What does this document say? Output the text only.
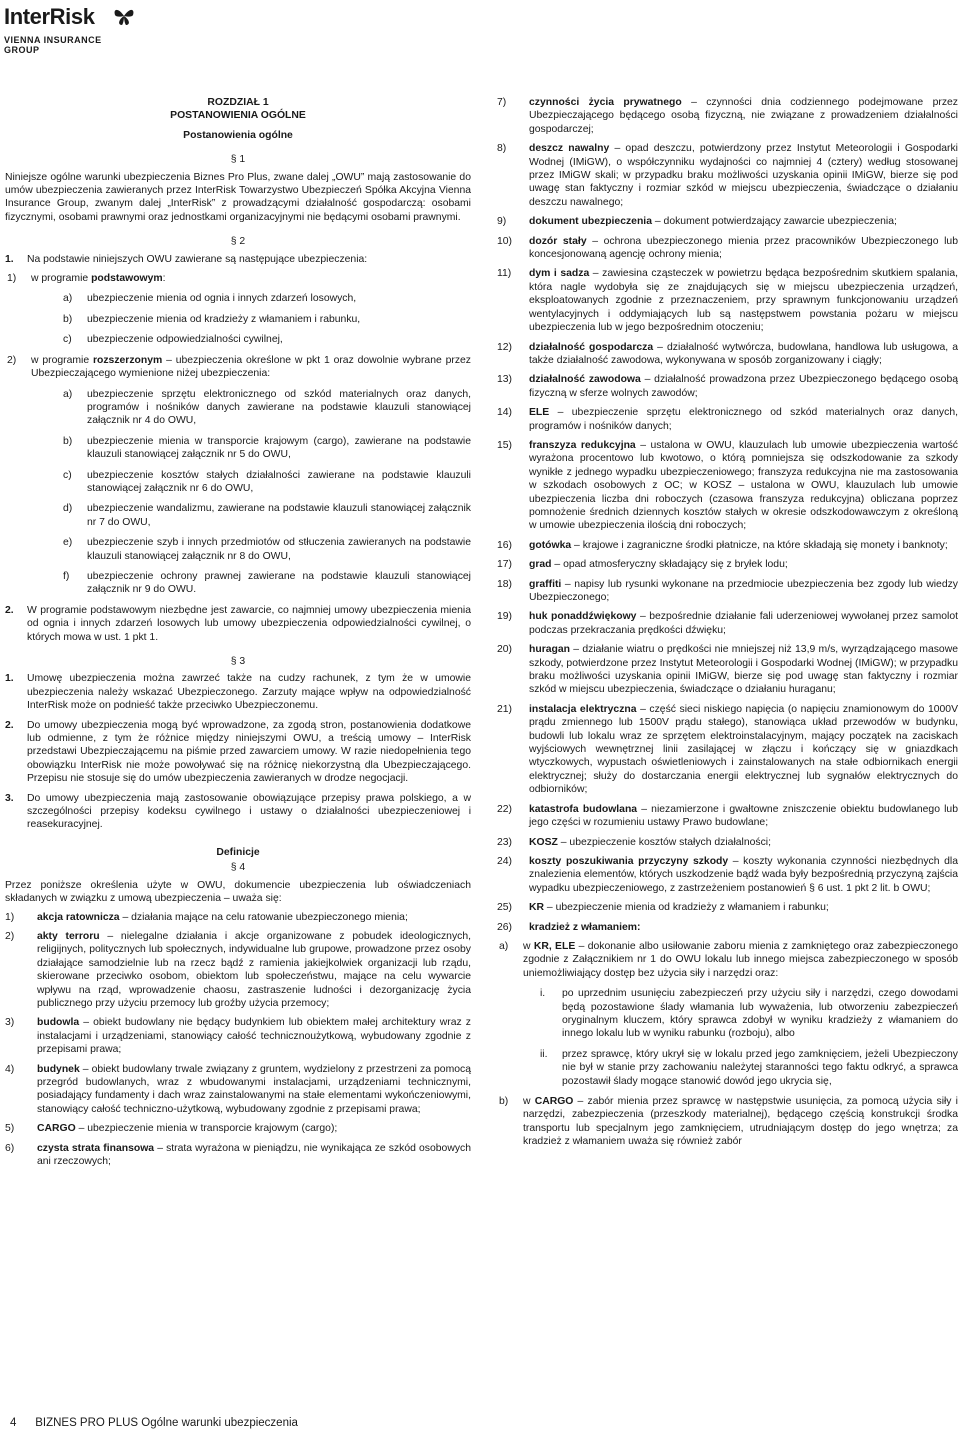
InterRisk
VIENNA INSURANCE GROUP
ROZDZIAŁ 1
POSTANOWIENIA OGÓLNE
Postanowienia ogólne
§ 1

Niniejsze ogólne warunki ubezpieczenia Biznes Pro Plus, zwane dalej „OWU” mają zastosowanie do umów ubezpieczenia zawieranych przez InterRisk Towarzystwo Ubezpieczeń Spółka Akcyjna Vienna Insurance Group, zwanym dalej „InterRisk” z prowadzącymi działalność gospodarczą: osobami fizycznymi, osobami prawnymi oraz jednostkami organizacyjnymi nie będącymi osobami prawnymi.

§ 2
1. Na podstawie niniejszych OWU zawierane są następujące ubezpieczenia:
1) w programie podstawowym:
a) ubezpieczenie mienia od ognia i innych zdarzeń losowych,
b) ubezpieczenie mienia od kradzieży z włamaniem i rabunku,
c) ubezpieczenie odpowiedzialności cywilnej,
2) w programie rozszerzonym – ubezpieczenia określone w pkt 1 oraz dowolnie wybrane przez Ubezpieczającego wymienione niżej ubezpieczenia:
a) ubezpieczenie sprzętu elektronicznego od szkód materialnych oraz danych, programów i nośników danych zawierane na podstawie klauzuli stanowiącej załącznik nr 4 do OWU,
b) ubezpieczenie mienia w transporcie krajowym (cargo), zawierane na podstawie klauzuli stanowiącej załącznik nr 5 do OWU,
c) ubezpieczenie kosztów stałych działalności zawierane na podstawie klauzuli stanowiącej załącznik nr 6 do OWU,
d) ubezpieczenie wandalizmu, zawierane na podstawie klauzuli stanowiącej załącznik nr 7 do OWU,
e) ubezpieczenie szyb i innych przedmiotów od stłuczenia zawieranych na podstawie klauzuli stanowiącej załącznik nr 8 do OWU,
f) ubezpieczenie ochrony prawnej zawierane na podstawie klauzuli stanowiącej załącznik nr 9 do OWU.
2. W programie podstawowym niezbędne jest zawarcie, co najmniej umowy ubezpieczenia mienia od ognia i innych zdarzeń losowych lub umowy ubezpieczenia odpowiedzialności cywilnej, o których mowa w ust. 1 pkt 1.
§ 3
1. Umowę ubezpieczenia można zawrzeć także na cudzy rachunek, z tym że w umowie ubezpieczenia należy wskazać Ubezpieczonego. Zarzuty mające wpływ na odpowiedzialność InterRisk może on podnieść także przeciwko Ubezpieczonemu.
2. Do umowy ubezpieczenia mogą być wprowadzone, za zgodą stron, postanowienia dodatkowe lub odmienne, z tym że różnice między niniejszymi OWU, a treścią umowy – InterRisk przedstawi Ubezpieczającemu na piśmie przed zawarciem umowy. W razie niedopełnienia tego obowiązku InterRisk nie może powoływać się na różnicę niekorzystną dla Ubezpieczającego. Przepisu nie stosuje się do umów ubezpieczenia zawieranych w drodze negocjacji.
3. Do umowy ubezpieczenia mają zastosowanie obowiązujące przepisy prawa polskiego, a w szczególności przepisy kodeksu cywilnego i ustawy o działalności ubezpieczeniowej i reasekuracyjnej.
Definicje
§ 4

Przez poniższe określenia użyte w OWU, dokumencie ubezpieczenia lub oświadczeniach składanych w związku z umową ubezpieczenia – uważa się:

1) akcja ratownicza – działania mające na celu ratowanie ubezpieczonego mienia;
2) akty terroru – nielegalne działania i akcje organizowane z pobudek ideologicznych, religijnych, politycznych lub społecznych, indywidualne lub grupowe, prowadzone przez osoby działające samodzielnie lub na rzecz bądź z ramienia jakiejkolwiek organizacji lub rządu, skierowane przeciwko osobom, obiektom lub społeczeństwu, mające na celu wywarcie wpływu na rząd, wprowadzenie chaosu, zastraszenie ludności i dezorganizację życia publicznego przy użyciu przemocy lub groźby użycia przemocy;
3) budowla – obiekt budowlany nie będący budynkiem lub obiektem małej architektury wraz z instalacjami i urządzeniami, stanowiący całość technicznoużytkową, wybudowany zgodnie z przepisami prawa;
4) budynek – obiekt budowlany trwale związany z gruntem, wydzielony z przestrzeni za pomocą przegród budowlanych, wraz z wbudowanymi instalacjami, urządzeniami technicznymi, posiadający fundamenty i dach wraz zainstalowanymi na stałe elementami wykończeniowymi, stanowiący całość techniczno-użytkową, wybudowany zgodnie z przepisami prawa;
5) CARGO – ubezpieczenie mienia w transporcie krajowym (cargo);
6) czysta strata finansowa – strata wyrażona w pieniądzu, nie wynikająca ze szkód osobowych ani rzeczowych;
7) czynności życia prywatnego – czynności dnia codziennego podejmowane przez Ubezpieczającego będącego osobą fizyczną, nie związane z prowadzeniem działalności gospodarczej;
8) deszcz nawalny – opad deszczu, potwierdzony przez Instytut Meteorologii i Gospodarki Wodnej (IMiGW), o współczynniku wydajności co najmniej 4 (cztery) według stosowanej przez IMiGW skali; w przypadku braku możliwości uzyskania opinii IMiGW, bierze się pod uwagę stan faktyczny i rozmiar szkód w miejscu ubezpieczenia, świadczące o działaniu deszczu nawalnego;
9) dokument ubezpieczenia – dokument potwierdzający zawarcie ubezpieczenia;
10) dozór stały – ochrona ubezpieczonego mienia przez pracowników Ubezpieczonego lub koncesjonowaną agencję ochrony mienia;
11) dym i sadza – zawiesina cząsteczek w powietrzu będąca bezpośrednim skutkiem spalania, która nagle wydobyła się ze znajdujących się w miejscu ubezpieczenia urządzeń, eksploatowanych zgodnie z przeznaczeniem, przy sprawnym funkcjonowaniu urządzeń wentylacyjnych i oddymiających lub są następstwem powstania pożaru w miejscu ubezpieczenia lub w jego bezpośrednim otoczeniu;
12) działalność gospodarcza – działalność wytwórcza, budowlana, handlowa lub usługowa, a także działalność zawodowa, wykonywana w sposób zorganizowany i ciągły;
13) działalność zawodowa – działalność prowadzona przez Ubezpieczonego będącego osobą fizyczną w sferze wolnych zawodów;
14) ELE – ubezpieczenie sprzętu elektronicznego od szkód materialnych oraz danych, programów i nośników danych;
15) franszyza redukcyjna – ustalona w OWU, klauzulach lub umowie ubezpieczenia wartość wyrażona procentowo lub kwotowo, o którą pomniejsza się odszkodowanie za szkody wynikłe z jednego wypadku ubezpieczeniowego; franszyza redukcyjna nie ma zastosowania w szkodach osobowych z OC; w KOSZ – ustalona w OWU, klauzulach lub umowie ubezpieczenia liczba dni roboczych (czasowa franszyza redukcyjna) obliczana poprzez pomnożenie średnich dziennych kosztów stałych w okresie odszkodowawczym z określoną w umowie ubezpieczenia ilością dni roboczych;
16) gotówka – krajowe i zagraniczne środki płatnicze, na które składają się monety i banknoty;
17) grad – opad atmosferyczny składający się z bryłek lodu;
18) graffiti – napisy lub rysunki wykonane na przedmiocie ubezpieczenia bez zgody lub wiedzy Ubezpieczonego;
19) huk ponaddźwiękowy – bezpośrednie działanie fali uderzeniowej wywołanej przez samolot podczas przekraczania prędkości dźwięku;
20) huragan – działanie wiatru o prędkości nie mniejszej niż 13,9 m/s, wyrządzającego masowe szkody, potwierdzone przez Instytut Meteorologii i Gospodarki Wodnej (IMiGW); w przypadku braku możliwości uzyskania opinii IMiGW, bierze się pod uwagę stan faktyczny i rozmiar szkód w miejscu ubezpieczenia, świadczące o działaniu huraganu;
21) instalacja elektryczna – część sieci niskiego napięcia (o napięciu znamionowym do 1000V prądu zmiennego lub 1500V prądu stałego), stanowiąca układ przewodów w budynku, budowli lub lokalu wraz ze sprzętem elektroinstalacyjnym, mający początek na zaciskach wyjściowych wewnętrznej linii zasilającej w złączu i kończący się w gniazdkach wtyczkowych, wypustach oświetleniowych i zainstalowanych na stałe odbiornikach energii elektrycznej; służy do dostarczania energii elektrycznej lub sygnałów elektrycznych do odbiorników;
22) katastrofa budowlana – niezamierzone i gwałtowne zniszczenie obiektu budowlanego lub jego części w rozumieniu ustawy Prawo budowlane;
23) KOSZ – ubezpieczenie kosztów stałych działalności;
24) koszty poszukiwania przyczyny szkody – koszty wykonania czynności niezbędnych dla znalezienia elementów, których uszkodzenie bądź wada były bezpośrednią przyczyną zajścia wypadku ubezpieczeniowego, z zastrzeżeniem postanowień § 6 ust. 1 pkt 2 lit. b OWU;
25) KR – ubezpieczenie mienia od kradzieży z włamaniem i rabunku;
26) kradzież z włamaniem:
a) w KR, ELE – dokonanie albo usiłowanie zaboru mienia z zamkniętego oraz zabezpieczonego zgodnie z Załącznikiem nr 1 do OWU lokalu lub innego miejsca zabezpieczonego w sposób uniemożliwiający dostęp bez użycia siły i narzędzi oraz:
i. po uprzednim usunięciu zabezpieczeń przy użyciu siły i narzędzi, czego dowodami będą pozostawione ślady włamania lub wyważenia, lub otworzeniu zabezpieczeń oryginalnym kluczem, który sprawca zdobył w wyniku kradzieży z włamaniem do innego lokalu lub w wyniku rabunku (rozboju), albo
ii. przez sprawcę, który ukrył się w lokalu przed jego zamknięciem, jeżeli Ubezpieczony nie był w stanie przy zachowaniu należytej staranności tego faktu odkryć, a sprawca pozostawił ślady mogące stanowić dowód jego ukrycia się,
b) w CARGO – zabór mienia przez sprawcę w następstwie usunięcia, za pomocą użycia siły i narzędzi, zabezpieczenia (przeszkody materialnej), będącego częścią konstrukcji środka transportu lub specjalnym jego zamknięciem, utrudniającym dostęp do jego wnętrza; za kradzież z włamaniem uważa się również zabór
4 BIZNES PRO PLUS Ogólne warunki ubezpieczenia
